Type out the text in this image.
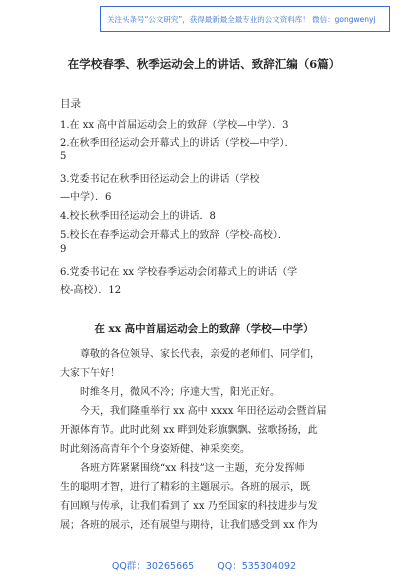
关注头条号“公文研究”，获得最新最全最专业的公文资料库！ 微信：gongwenyj
在学校春季、秋季运动会上的讲话、致辞汇编（6篇）
目录
1.在 xx 高中首届运动会上的致辞（学校—中学）．3
2.在秋季田径运动会开幕式上的讲话（学校—中学）．
5
3.党委书记在秋季田径运动会上的讲话（学校
—中学）．6
4.校长秋季田径运动会上的讲话．8
5.校长在春季运动会开幕式上的致辞（学校-高校）．
9
6.党委书记在 xx 学校春季运动会闭幕式上的讲话（学
校-高校）．12
在 xx 高中首届运动会上的致辞（学校—中学）
尊敬的各位领导、家长代表，亲爱的老师们、同学们，
大家下午好！
时维冬月，微风不冷；序達大雪，阳光正好。
今天，我们隆重举行 xx 高中 xxxx 年田径运动会暨首届
开源体育节。此时此刻 xx 畔到处彩旗飘飘、弦歌扬扬，此
时此刻汤高青年个个身姿矫健、神采奕奕。
各班方阵紧紧围绕“xx 科技”这一主题，充分发挥师
生的聪明才智，进行了精彩的主题展示。各班的展示，既
有回顾与传承，让我们看到了 xx 乃至国家的科技进步与发
展；各班的展示，还有展望与期待，让我们感受到 xx 作为
QQ群：30265665 QQ：535304092
